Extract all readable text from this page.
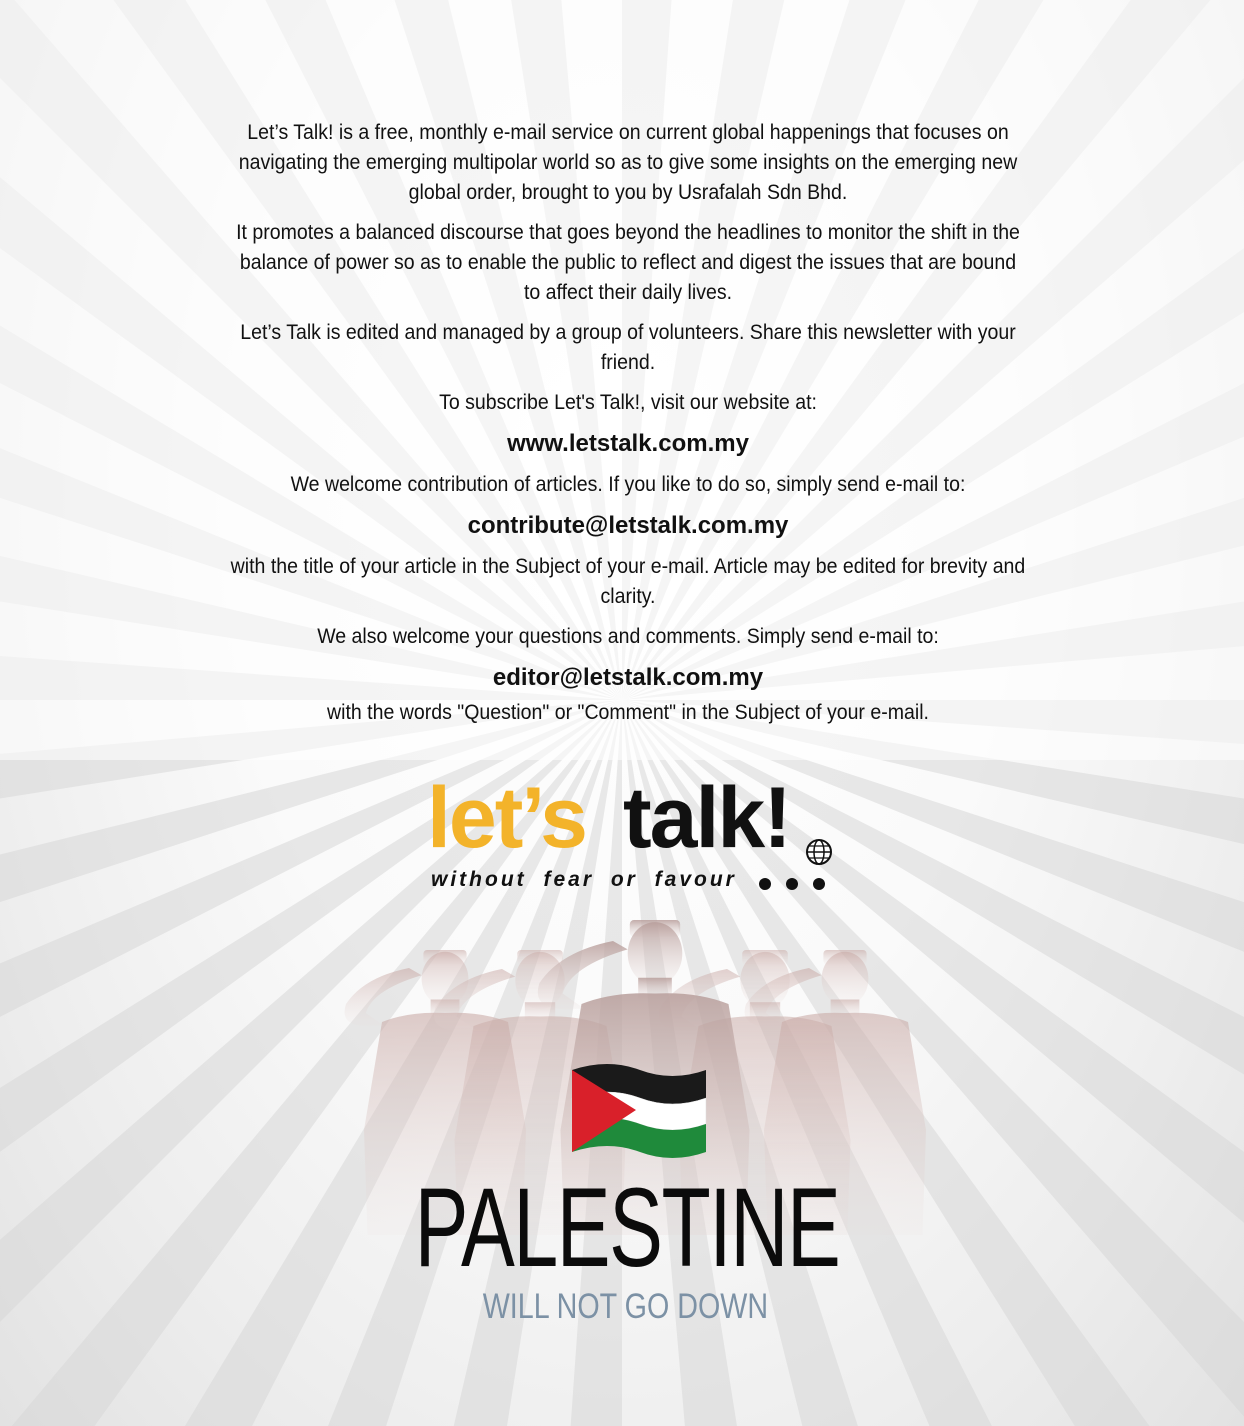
Let’s Talk! is a free, monthly e-mail service on current global happenings that focuses on navigating the emerging multipolar world so as to give some insights on the emerging new global order, brought to you by Usrafalah Sdn Bhd.

It promotes a balanced discourse that goes beyond the headlines to monitor the shift in the balance of power so as to enable the public to reflect and digest the issues that are bound to affect their daily lives.

Let’s Talk is edited and managed by a group of volunteers. Share this newsletter with your friend.

To subscribe Let's Talk!, visit our website at:

www.letstalk.com.my

We welcome contribution of articles. If you like to do so, simply send e-mail to:

contribute@letstalk.com.my

with the title of your article in the Subject of your e-mail. Article may be edited for brevity and clarity.

We also welcome your questions and comments. Simply send e-mail to:

editor@letstalk.com.my

with the words "Question" or "Comment" in the Subject of your e-mail.

let’s talk!
without fear or favour
PALESTINE
WILL NOT GO DOWN
